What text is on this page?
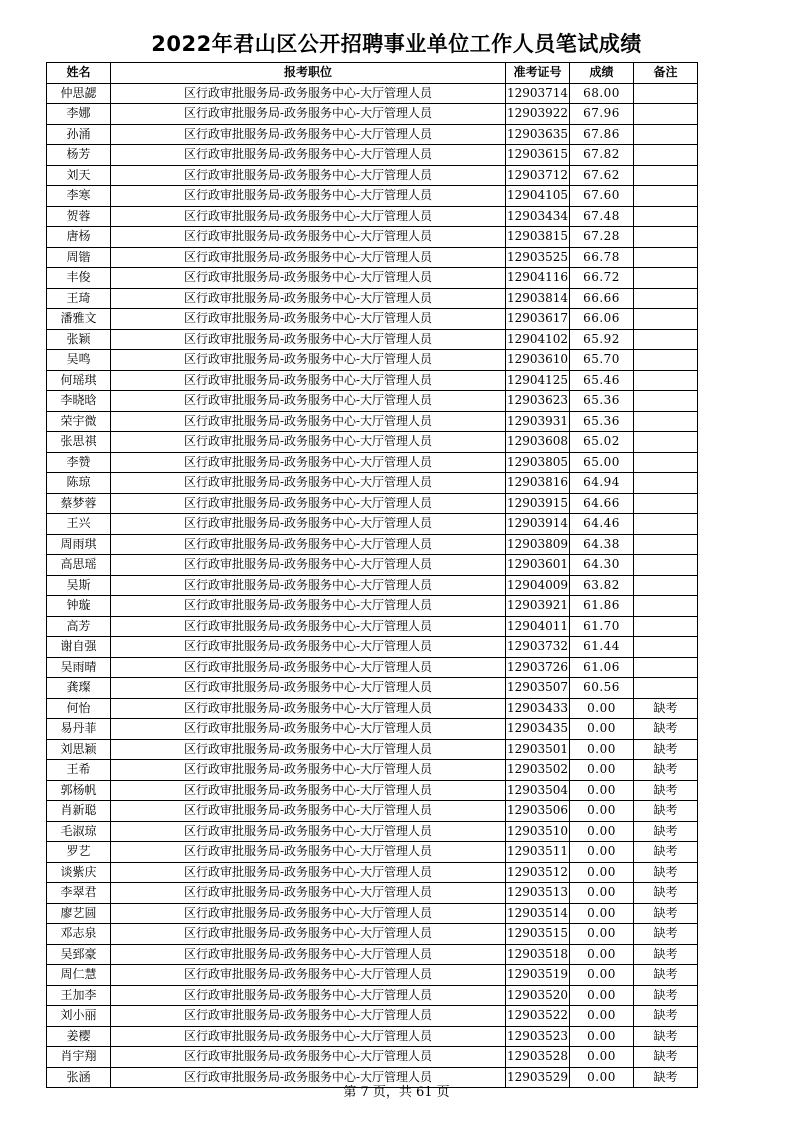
2022年君山区公开招聘事业单位工作人员笔试成绩
姓名	报考职位	准考证号	成绩	备注
仲思勰	区行政审批服务局-政务服务中心-大厅管理人员	12903714	68.00	
李娜	区行政审批服务局-政务服务中心-大厅管理人员	12903922	67.96	
孙涌	区行政审批服务局-政务服务中心-大厅管理人员	12903635	67.86	
杨芳	区行政审批服务局-政务服务中心-大厅管理人员	12903615	67.82	
刘天	区行政审批服务局-政务服务中心-大厅管理人员	12903712	67.62	
李寒	区行政审批服务局-政务服务中心-大厅管理人员	12904105	67.60	
贺蓉	区行政审批服务局-政务服务中心-大厅管理人员	12903434	67.48	
唐杨	区行政审批服务局-政务服务中心-大厅管理人员	12903815	67.28	
周锴	区行政审批服务局-政务服务中心-大厅管理人员	12903525	66.78	
丰俊	区行政审批服务局-政务服务中心-大厅管理人员	12904116	66.72	
王琦	区行政审批服务局-政务服务中心-大厅管理人员	12903814	66.66	
潘雅文	区行政审批服务局-政务服务中心-大厅管理人员	12903617	66.06	
张颖	区行政审批服务局-政务服务中心-大厅管理人员	12904102	65.92	
吴鸣	区行政审批服务局-政务服务中心-大厅管理人员	12903610	65.70	
何瑶琪	区行政审批服务局-政务服务中心-大厅管理人员	12904125	65.46	
李晓晗	区行政审批服务局-政务服务中心-大厅管理人员	12903623	65.36	
荣宇微	区行政审批服务局-政务服务中心-大厅管理人员	12903931	65.36	
张思祺	区行政审批服务局-政务服务中心-大厅管理人员	12903608	65.02	
李赞	区行政审批服务局-政务服务中心-大厅管理人员	12903805	65.00	
陈琼	区行政审批服务局-政务服务中心-大厅管理人员	12903816	64.94	
蔡梦蓉	区行政审批服务局-政务服务中心-大厅管理人员	12903915	64.66	
王兴	区行政审批服务局-政务服务中心-大厅管理人员	12903914	64.46	
周雨琪	区行政审批服务局-政务服务中心-大厅管理人员	12903809	64.38	
高思瑶	区行政审批服务局-政务服务中心-大厅管理人员	12903601	64.30	
吴斯	区行政审批服务局-政务服务中心-大厅管理人员	12904009	63.82	
钟璇	区行政审批服务局-政务服务中心-大厅管理人员	12903921	61.86	
高芳	区行政审批服务局-政务服务中心-大厅管理人员	12904011	61.70	
谢自强	区行政审批服务局-政务服务中心-大厅管理人员	12903732	61.44	
吴雨晴	区行政审批服务局-政务服务中心-大厅管理人员	12903726	61.06	
龚璨	区行政审批服务局-政务服务中心-大厅管理人员	12903507	60.56	
何怡	区行政审批服务局-政务服务中心-大厅管理人员	12903433	0.00	缺考
易丹菲	区行政审批服务局-政务服务中心-大厅管理人员	12903435	0.00	缺考
刘思颖	区行政审批服务局-政务服务中心-大厅管理人员	12903501	0.00	缺考
王希	区行政审批服务局-政务服务中心-大厅管理人员	12903502	0.00	缺考
郭杨帆	区行政审批服务局-政务服务中心-大厅管理人员	12903504	0.00	缺考
肖新聪	区行政审批服务局-政务服务中心-大厅管理人员	12903506	0.00	缺考
毛淑琼	区行政审批服务局-政务服务中心-大厅管理人员	12903510	0.00	缺考
罗艺	区行政审批服务局-政务服务中心-大厅管理人员	12903511	0.00	缺考
谈紫庆	区行政审批服务局-政务服务中心-大厅管理人员	12903512	0.00	缺考
李翠君	区行政审批服务局-政务服务中心-大厅管理人员	12903513	0.00	缺考
廖艺圆	区行政审批服务局-政务服务中心-大厅管理人员	12903514	0.00	缺考
邓志泉	区行政审批服务局-政务服务中心-大厅管理人员	12903515	0.00	缺考
吴郅豪	区行政审批服务局-政务服务中心-大厅管理人员	12903518	0.00	缺考
周仁慧	区行政审批服务局-政务服务中心-大厅管理人员	12903519	0.00	缺考
王加李	区行政审批服务局-政务服务中心-大厅管理人员	12903520	0.00	缺考
刘小丽	区行政审批服务局-政务服务中心-大厅管理人员	12903522	0.00	缺考
姜樱	区行政审批服务局-政务服务中心-大厅管理人员	12903523	0.00	缺考
肖宇翔	区行政审批服务局-政务服务中心-大厅管理人员	12903528	0.00	缺考
张涵	区行政审批服务局-政务服务中心-大厅管理人员	12903529	0.00	缺考
第 7 页，共 61 页
